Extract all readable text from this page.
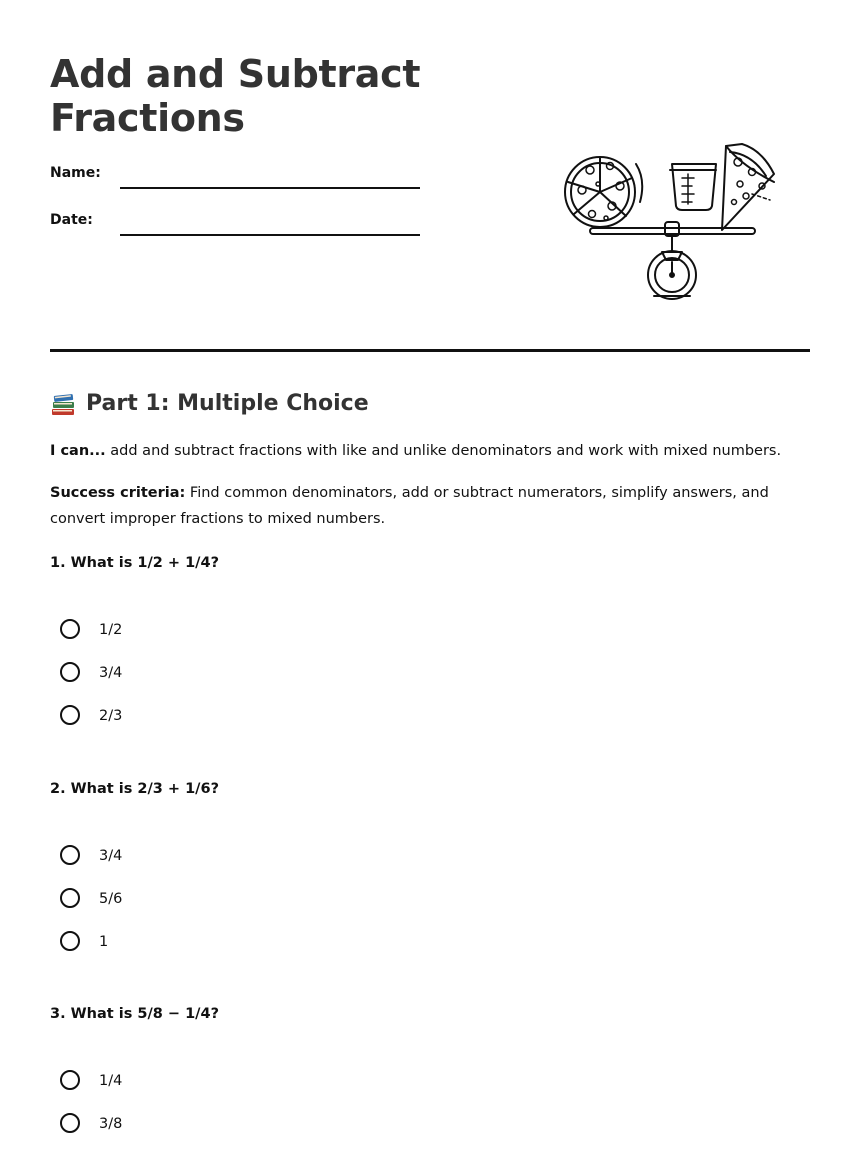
Add and Subtract
Fractions
Name:
Date:
Part 1: Multiple Choice

I can... add and subtract fractions with like and unlike denominators and work with mixed numbers.

Success criteria: Find common denominators, add or subtract numerators, simplify answers, and convert improper fractions to mixed numbers.

1. What is 1/2 + 1/4?

1/2
3/4
2/3

2. What is 2/3 + 1/6?

3/4
5/6
1

3. What is 5/8 − 1/4?

1/4
3/8
